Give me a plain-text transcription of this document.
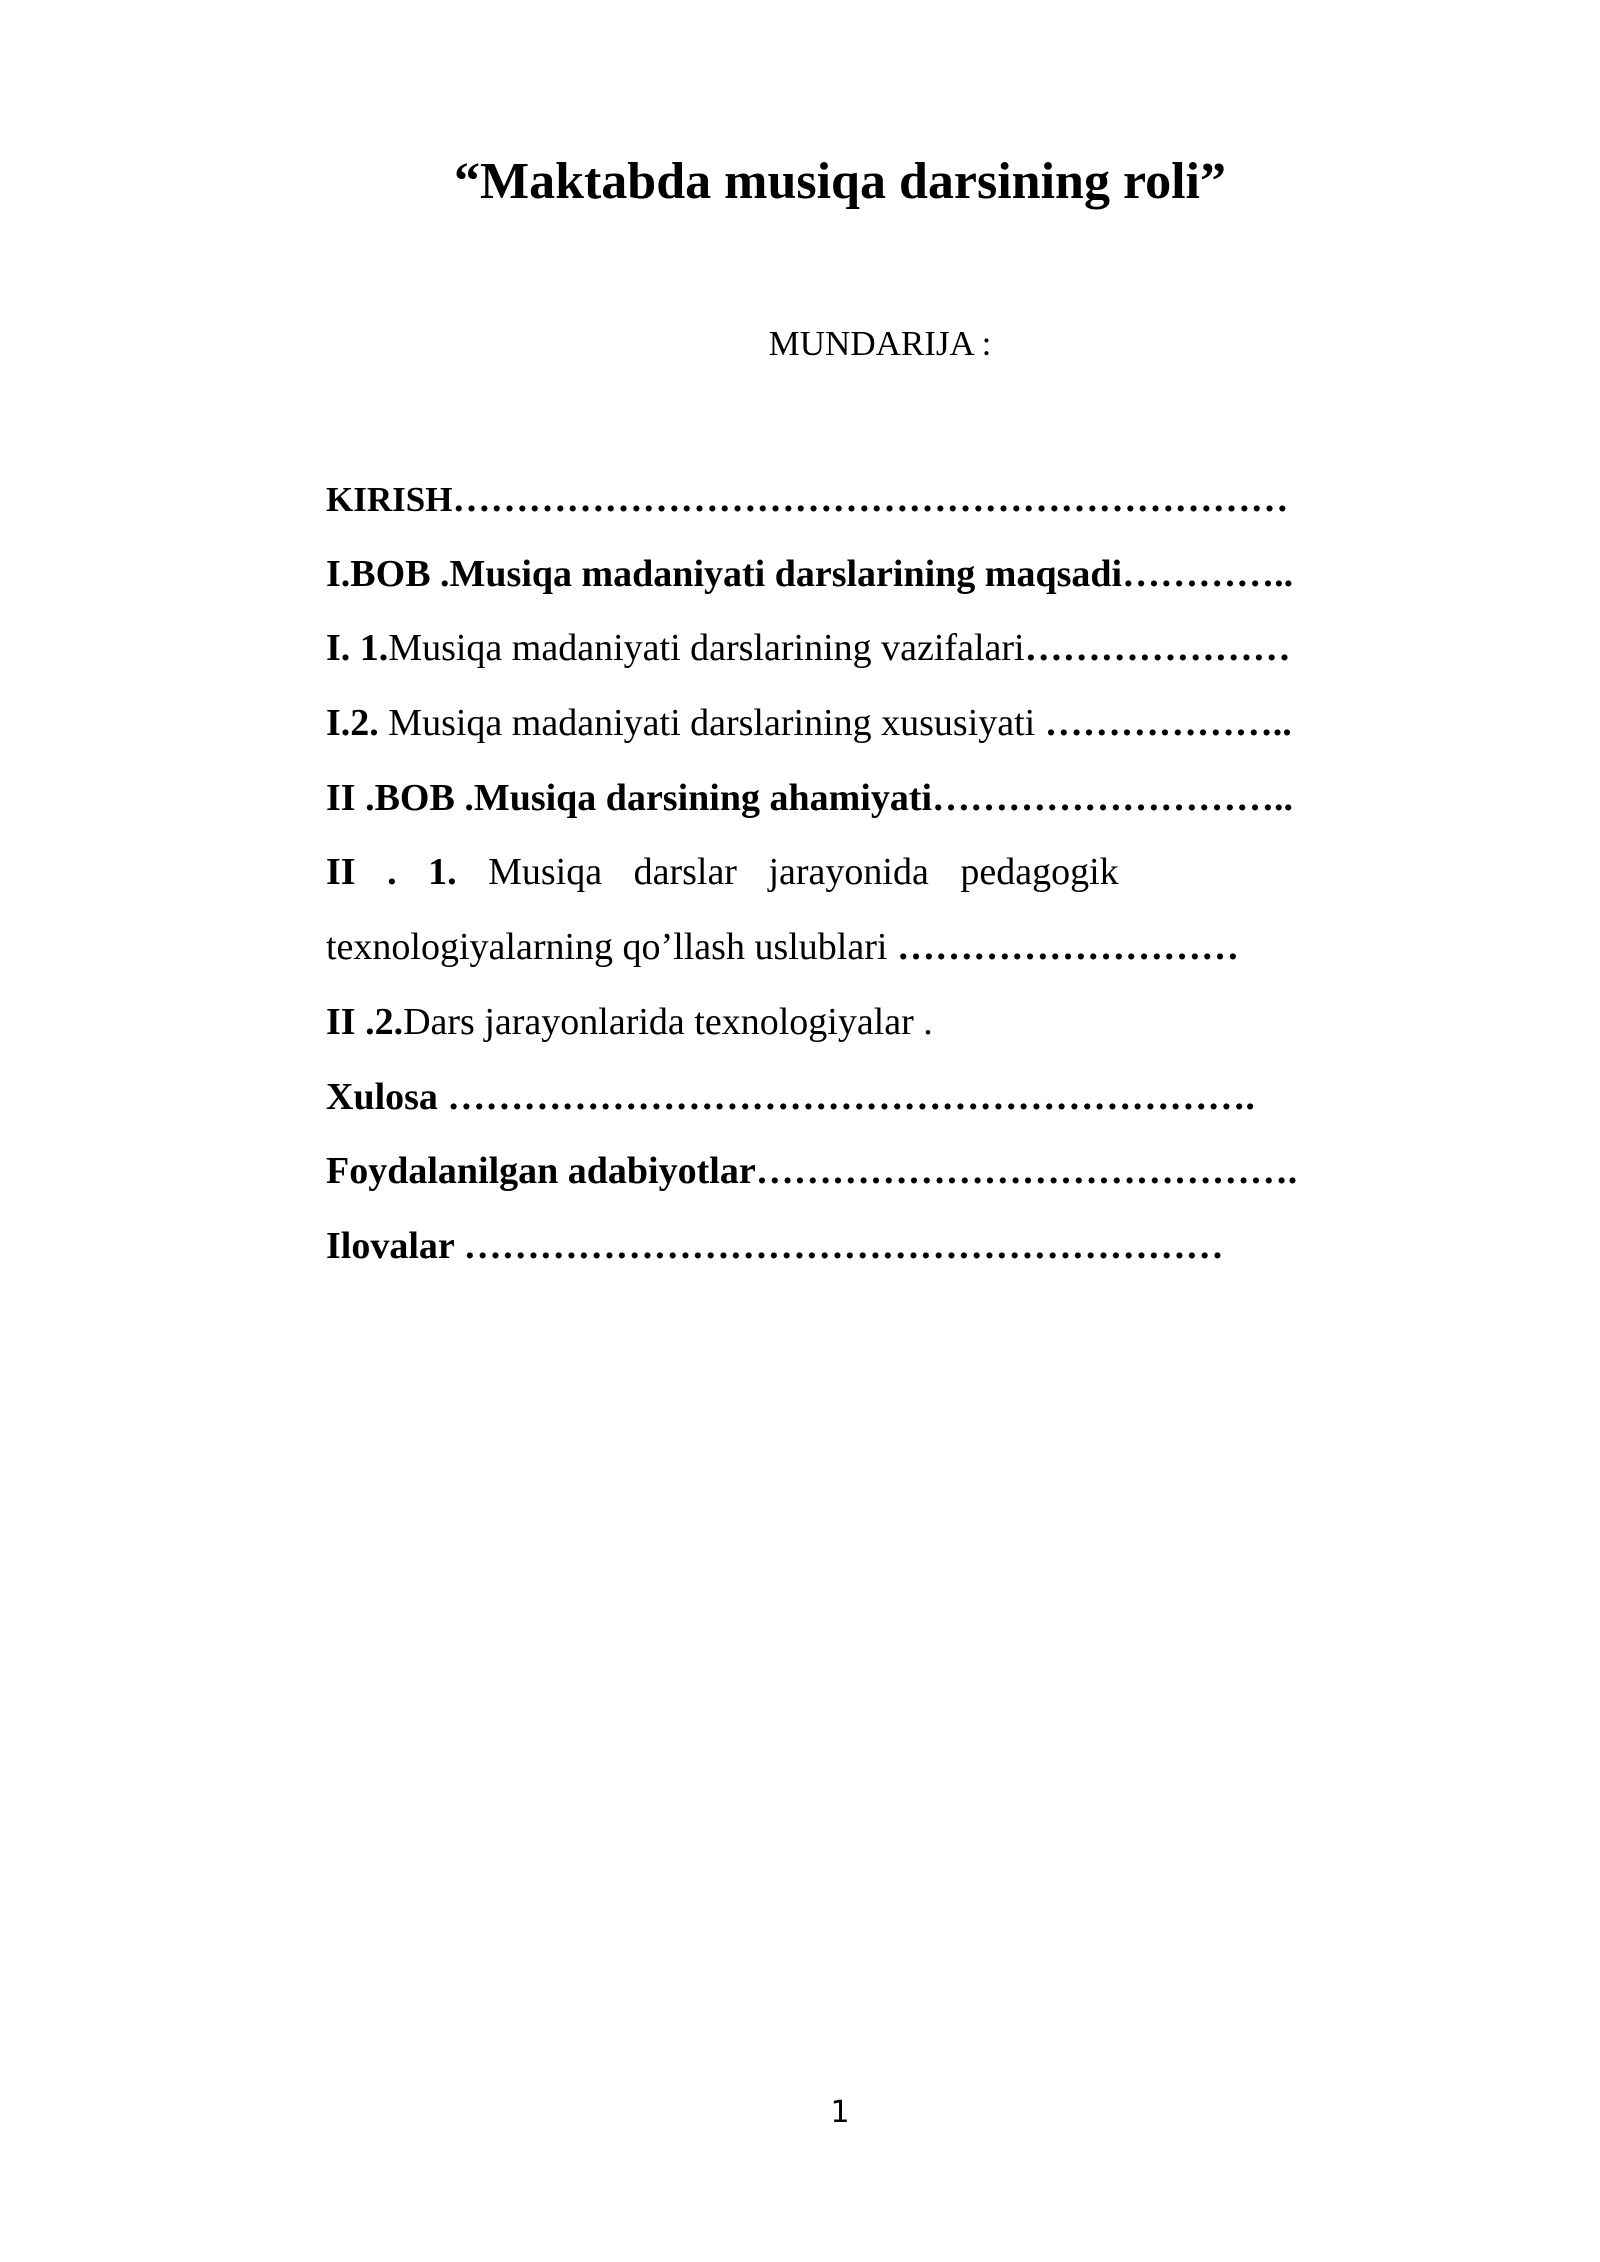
“Maktabda musiqa darsining roli”
MUNDARIJA :
KIRISH…………………………………………………………
I.BOB .Musiqa madaniyati darslarining maqsadi…………..
I. 1.Musiqa madaniyati darslarining vazifalari…………………
I.2. Musiqa madaniyati darslarining xususiyati ………………..
II .BOB .Musiqa darsining ahamiyati………………………..
II . 1. Musiqa darslar jarayonida pedagogik
texnologiyalarning qo’llash uslublari ………………………
II .2.Dars jarayonlarida texnologiyalar .
Xulosa ……………………………………………………….
Foydalanilgan adabiyotlar…………………………………….
Ilovalar ……………………………………………………
1
